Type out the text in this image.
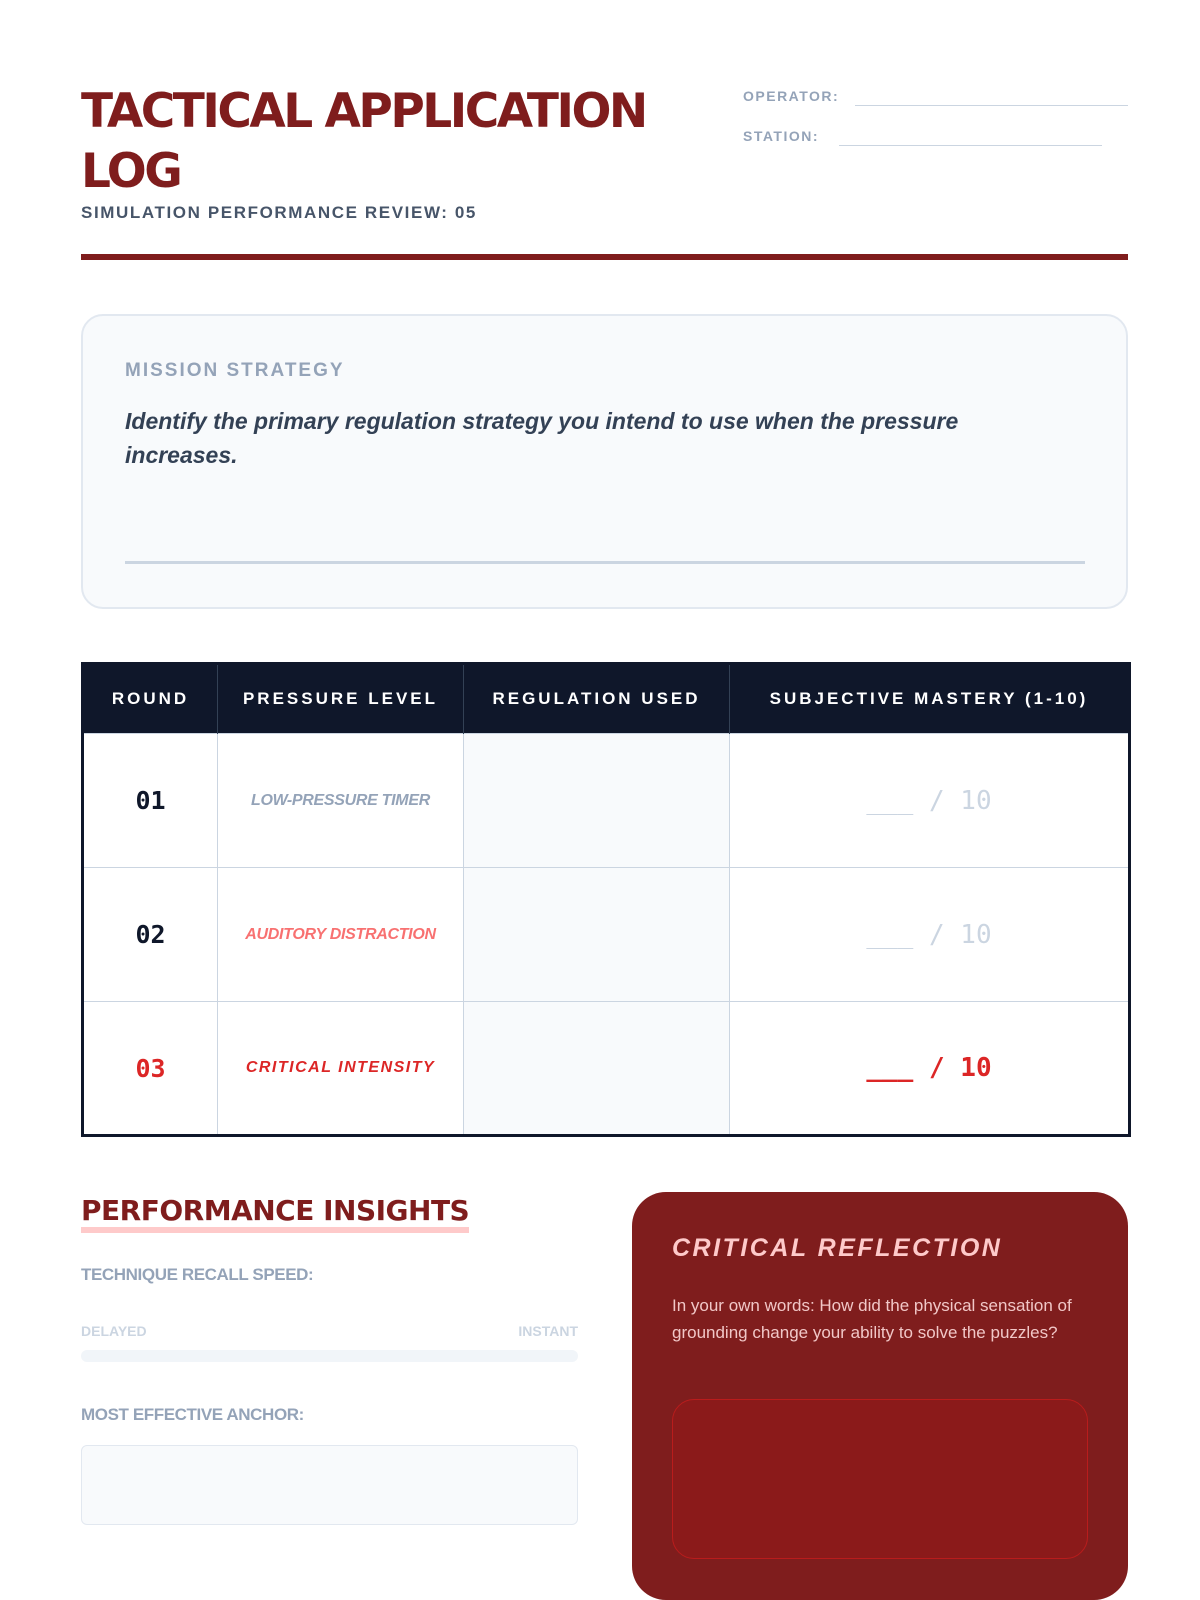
TACTICAL APPLICATION LOG
SIMULATION PERFORMANCE REVIEW: 05
OPERATOR:
STATION:
MISSION STRATEGY
Identify the primary regulation strategy you intend to use when the pressure increases.
ROUND	PRESSURE LEVEL	REGULATION USED	SUBJECTIVE MASTERY (1-10)
01	LOW-PRESSURE TIMER		___ / 10
02	AUDITORY DISTRACTION		___ / 10
03	CRITICAL INTENSITY		___ / 10
PERFORMANCE INSIGHTS
TECHNIQUE RECALL SPEED:
DELAYED	INSTANT
MOST EFFECTIVE ANCHOR:
CRITICAL REFLECTION
In your own words: How did the physical sensation of grounding change your ability to solve the puzzles?
